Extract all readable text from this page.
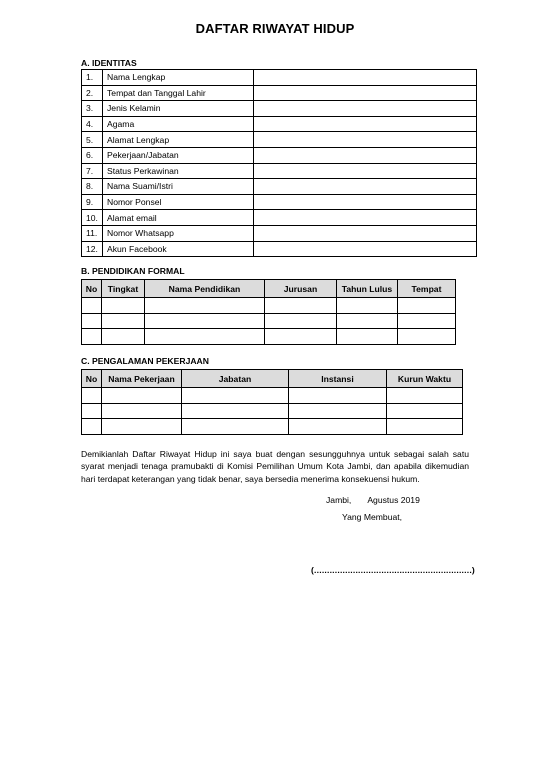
DAFTAR RIWAYAT HIDUP
A. IDENTITAS
1.	Nama Lengkap	
2.	Tempat dan Tanggal Lahir	
3.	Jenis Kelamin	
4.	Agama	
5.	Alamat Lengkap	
6.	Pekerjaan/Jabatan	
7.	Status Perkawinan	
8.	Nama Suami/Istri	
9.	Nomor Ponsel	
10.	Alamat email	
11.	Nomor Whatsapp	
12.	Akun Facebook	
B. PENDIDIKAN FORMAL
No	Tingkat	Nama Pendidikan	Jurusan	Tahun Lulus	Tempat

C. PENGALAMAN PEKERJAAN
No	Nama Pekerjaan	Jabatan	Instansi	Kurun Waktu

Demikianlah Daftar Riwayat Hidup ini saya buat dengan sesungguhnya untuk sebagai salah satu syarat menjadi tenaga pramubakti di Komisi Pemilihan Umum Kota Jambi, dan apabila dikemudian hari terdapat keterangan yang tidak benar, saya bersedia menerima konsekuensi hukum.
Jambi, Agustus 2019
Yang Membuat,
(.............................................................)
